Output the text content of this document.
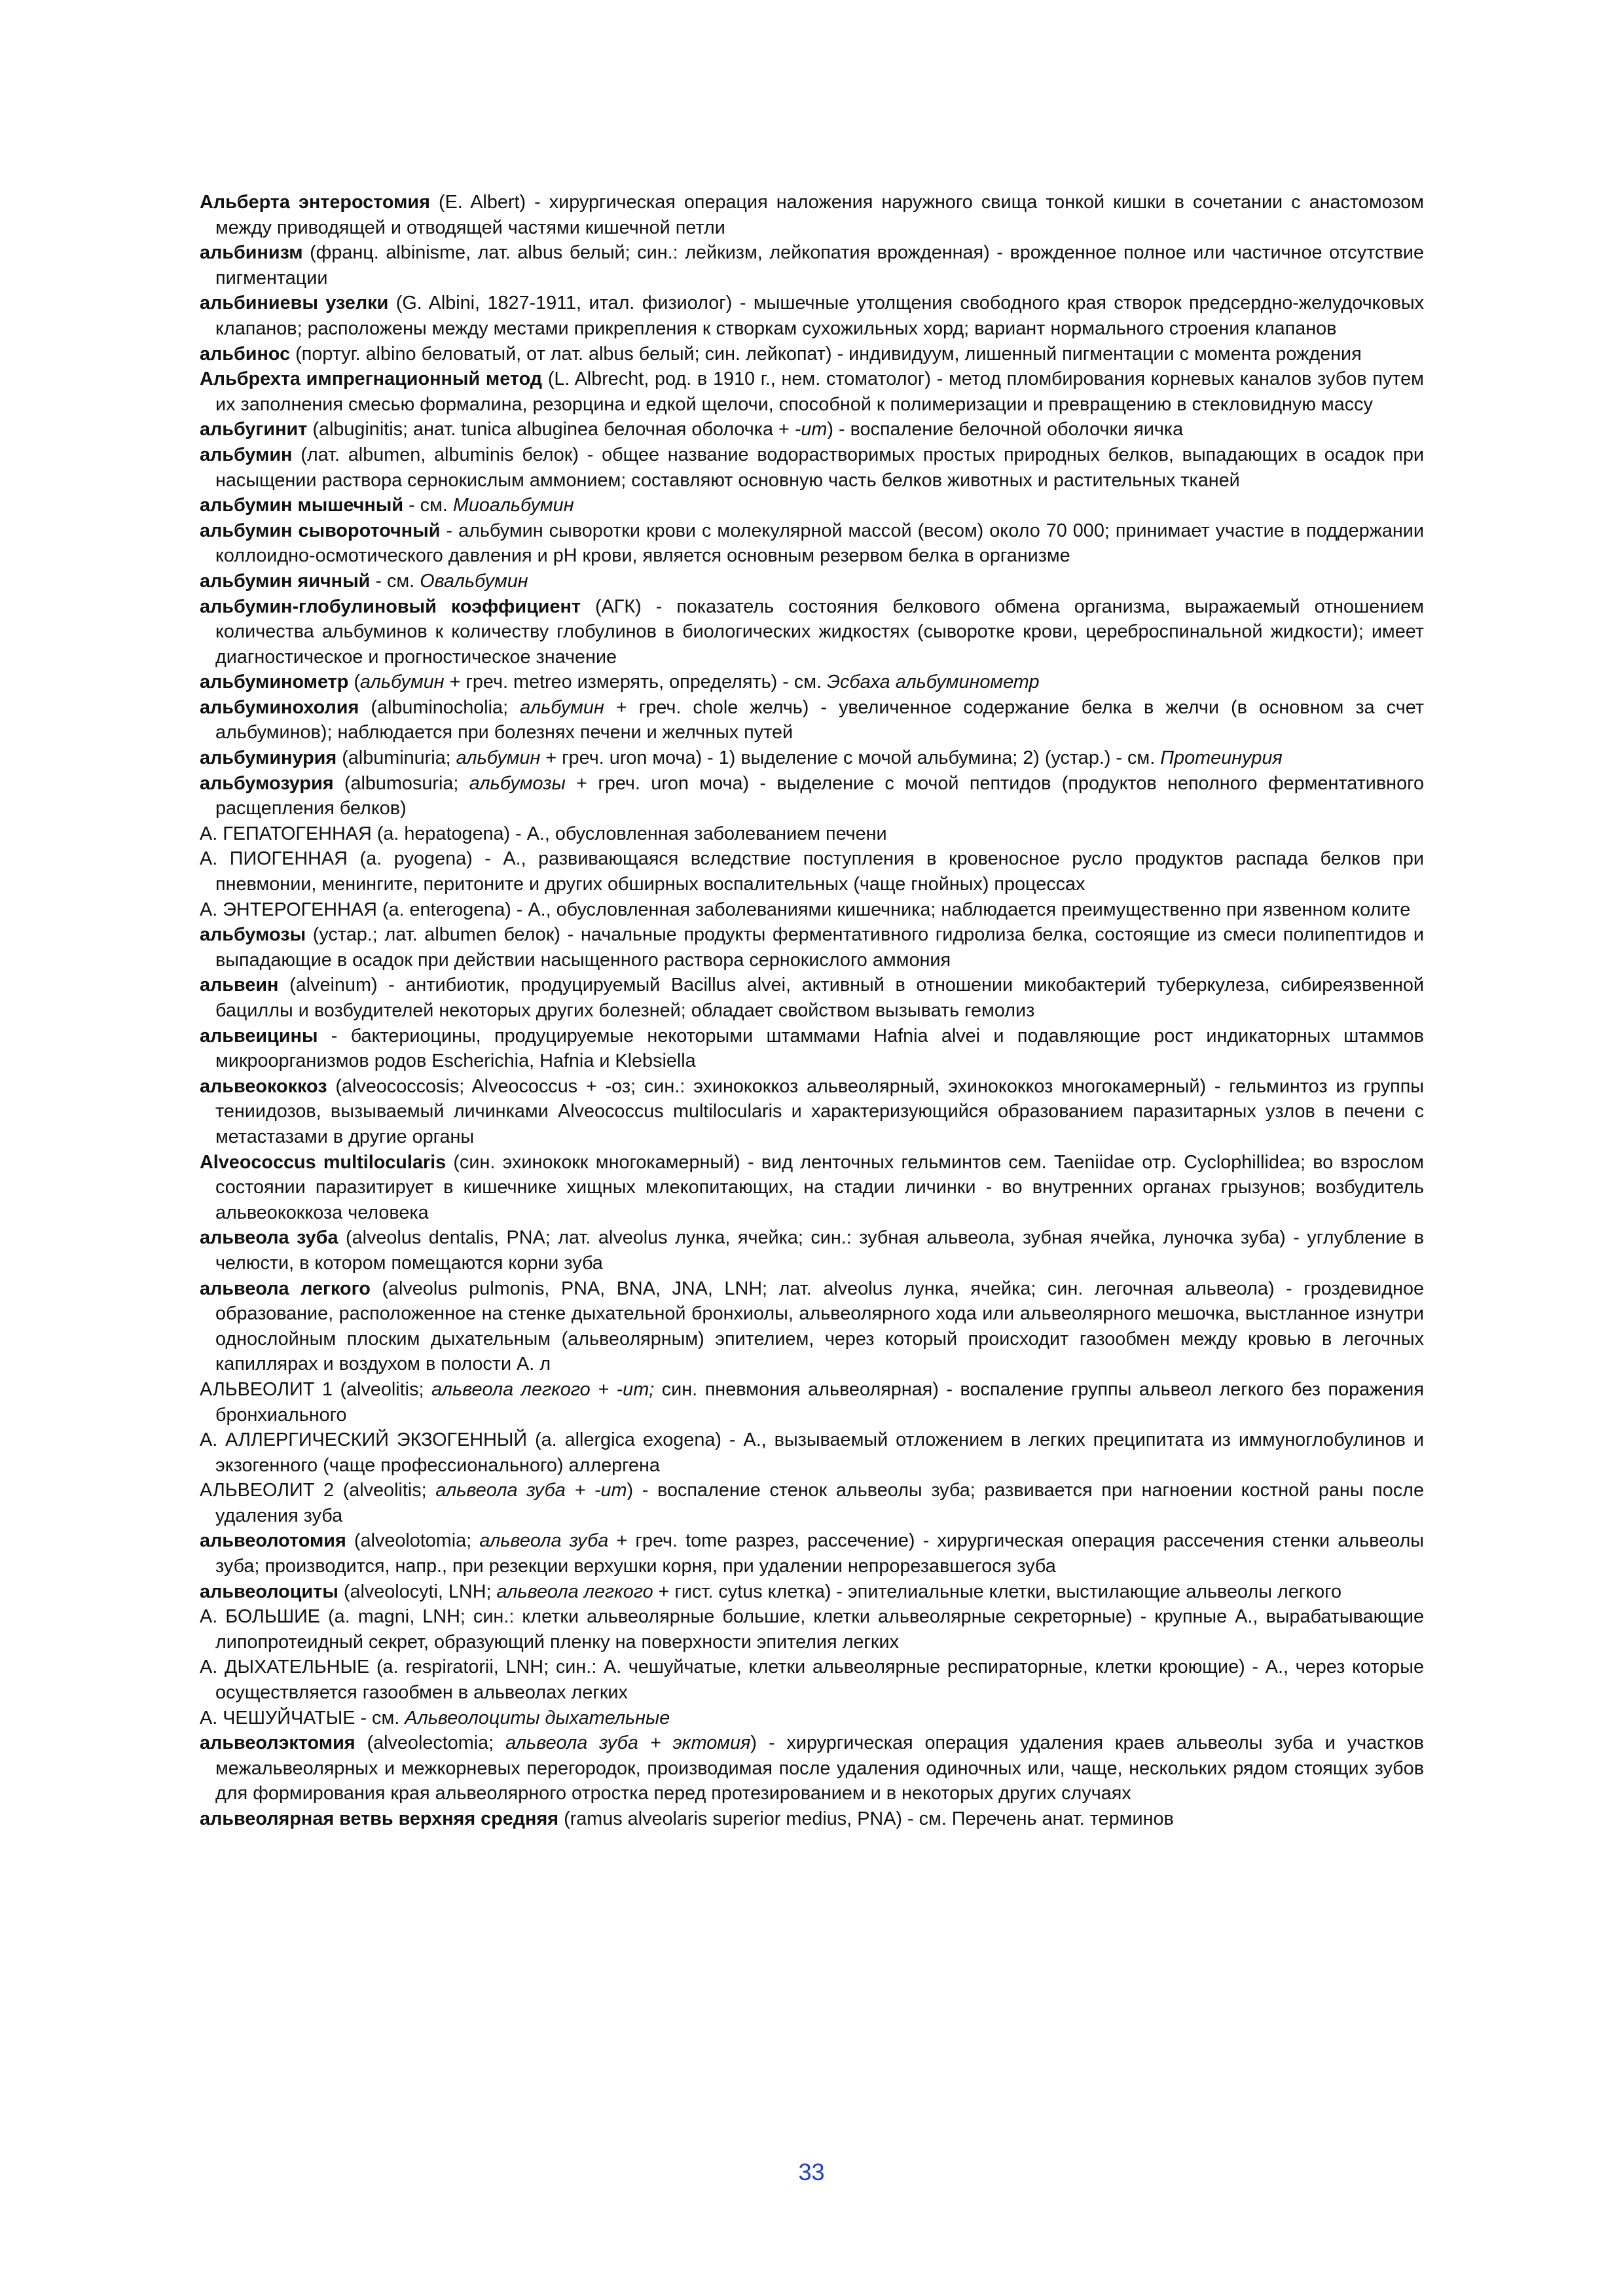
Альберта энтеростомия (E. Albert) - хирургическая операция наложения наружного свища тонкой кишки в сочетании с анастомозом между приводящей и отводящей частями кишечной петли
альбинизм (франц. albinisme, лат. albus белый; син.: лейкизм, лейкопатия врожденная) - врожденное полное или частичное отсутствие пигментации
альбиниевы узелки (G. Albini, 1827-1911, итал. физиолог) - мышечные утолщения свободного края створок предсердно-желудочковых клапанов; расположены между местами прикрепления к створкам сухожильных хорд; вариант нормального строения клапанов
альбинос (португ. albino беловатый, от лат. albus белый; син. лейкопат) - индивидуум, лишенный пигментации с момента рождения
Альбрехта импрегнационный метод (L. Albrecht, род. в 1910 г., нем. стоматолог) - метод пломбирования корневых каналов зубов путем их заполнения смесью формалина, резорцина и едкой щелочи, способной к полимеризации и превращению в стекловидную массу
альбугинит (albuginitis; анат. tunica albuginea белочная оболочка + -ит) - воспаление белочной оболочки яичка
альбумин (лат. albumen, albuminis белок) - общее название водорастворимых простых природных белков, выпадающих в осадок при насыщении раствора сернокислым аммонием; составляют основную часть белков животных и растительных тканей
альбумин мышечный - см. Миоальбумин
альбумин сывороточный - альбумин сыворотки крови с молекулярной массой (весом) около 70 000; принимает участие в поддержании коллоидно-осмотического давления и pH крови, является основным резервом белка в организме
альбумин яичный - см. Овальбумин
альбумин-глобулиновый коэффициент (АГК) - показатель состояния белкового обмена организма, выражаемый отношением количества альбуминов к количеству глобулинов в биологических жидкостях (сыворотке крови, цереброспинальной жидкости); имеет диагностическое и прогностическое значение
альбуминометр (альбумин + греч. metreo измерять, определять) - см. Эсбаха альбуминометр
альбуминохолия (albuminocholia; альбумин + греч. chole желчь) - увеличенное содержание белка в желчи (в основном за счет альбуминов); наблюдается при болезнях печени и желчных путей
альбуминурия (albuminuria; альбумин + греч. uron моча) - 1) выделение с мочой альбумина; 2) (устар.) - см. Протеинурия
альбумозурия (albumosuria; альбумозы + греч. uron моча) - выделение с мочой пептидов (продуктов неполного ферментативного расщепления белков)
А. ГЕПАТОГЕННАЯ (a. hepatogena) - А., обусловленная заболеванием печени
А. ПИОГЕННАЯ (a. pyogena) - А., развивающаяся вследствие поступления в кровеносное русло продуктов распада белков при пневмонии, менингите, перитоните и других обширных воспалительных (чаще гнойных) процессах
А. ЭНТЕРОГЕННАЯ (a. enterogena) - А., обусловленная заболеваниями кишечника; наблюдается преимущественно при язвенном колите
альбумозы (устар.; лат. albumen белок) - начальные продукты ферментативного гидролиза белка, состоящие из смеси полипептидов и выпадающие в осадок при действии насыщенного раствора сернокислого аммония
альвеин (alveinum) - антибиотик, продуцируемый Bacillus alvei, активный в отношении микобактерий туберкулеза, сибиреязвенной бациллы и возбудителей некоторых других болезней; обладает свойством вызывать гемолиз
альвеицины - бактериоцины, продуцируемые некоторыми штаммами Hafnia alvei и подавляющие рост индикаторных штаммов микроорганизмов родов Escherichia, Hafnia и Klebsiella
альвеококкоз (alveococcosis; Alveococcus + -оз; син.: эхинококкоз альвеолярный, эхинококкоз многокамерный) - гельминтоз из группы тениидозов, вызываемый личинками Alveococcus multilocularis и характеризующийся образованием паразитарных узлов в печени с метастазами в другие органы
Alveococcus multilocularis (син. эхинококк многокамерный) - вид ленточных гельминтов сем. Taeniidae отр. Cyclophillidea; во взрослом состоянии паразитирует в кишечнике хищных млекопитающих, на стадии личинки - во внутренних органах грызунов; возбудитель альвеококкоза человека
альвеола зуба (alveolus dentalis, PNA; лат. alveolus лунка, ячейка; син.: зубная альвеола, зубная ячейка, луночка зуба) - углубление в челюсти, в котором помещаются корни зуба
альвеола легкого (alveolus pulmonis, PNA, BNA, JNA, LNH; лат. alveolus лунка, ячейка; син. легочная альвеола) - гроздевидное образование, расположенное на стенке дыхательной бронхиолы, альвеолярного хода или альвеолярного мешочка, выстланное изнутри однослойным плоским дыхательным (альвеолярным) эпителием, через который происходит газообмен между кровью в легочных капиллярах и воздухом в полости А. л
АЛЬВЕОЛИТ 1 (alveolitis; альвеола легкого + -ит; син. пневмония альвеолярная) - воспаление группы альвеол легкого без поражения бронхиального
А. АЛЛЕРГИЧЕСКИЙ ЭКЗОГЕННЫЙ (a. allergica exogena) - А., вызываемый отложением в легких преципитата из иммуноглобулинов и экзогенного (чаще профессионального) аллергена
АЛЬВЕОЛИТ 2 (alveolitis; альвеола зуба + -ит) - воспаление стенок альвеолы зуба; развивается при нагноении костной раны после удаления зуба
альвеолотомия (alveolotomia; альвеола зуба + греч. tome разрез, рассечение) - хирургическая операция рассечения стенки альвеолы зуба; производится, напр., при резекции верхушки корня, при удалении непрорезавшегося зуба
альвеолоциты (alveolocyti, LNH; альвеола легкого + гист. cytus клетка) - эпителиальные клетки, выстилающие альвеолы легкого
А. БОЛЬШИЕ (a. magni, LNH; син.: клетки альвеолярные большие, клетки альвеолярные секреторные) - крупные А., вырабатывающие липопротеидный секрет, образующий пленку на поверхности эпителия легких
А. ДЫХАТЕЛЬНЫЕ (a. respiratorii, LNH; син.: А. чешуйчатые, клетки альвеолярные респираторные, клетки кроющие) - А., через которые осуществляется газообмен в альвеолах легких
А. ЧЕШУЙЧАТЫЕ - см. Альвеолоциты дыхательные
альвеолэктомия (alveolectomia; альвеола зуба + эктомия) - хирургическая операция удаления краев альвеолы зуба и участков межальвеолярных и межкорневых перегородок, производимая после удаления одиночных или, чаще, нескольких рядом стоящих зубов для формирования края альвеолярного отростка перед протезированием и в некоторых других случаях
альвеолярная ветвь верхняя средняя (ramus alveolaris superior medius, PNA) - см. Перечень анат. терминов
33
